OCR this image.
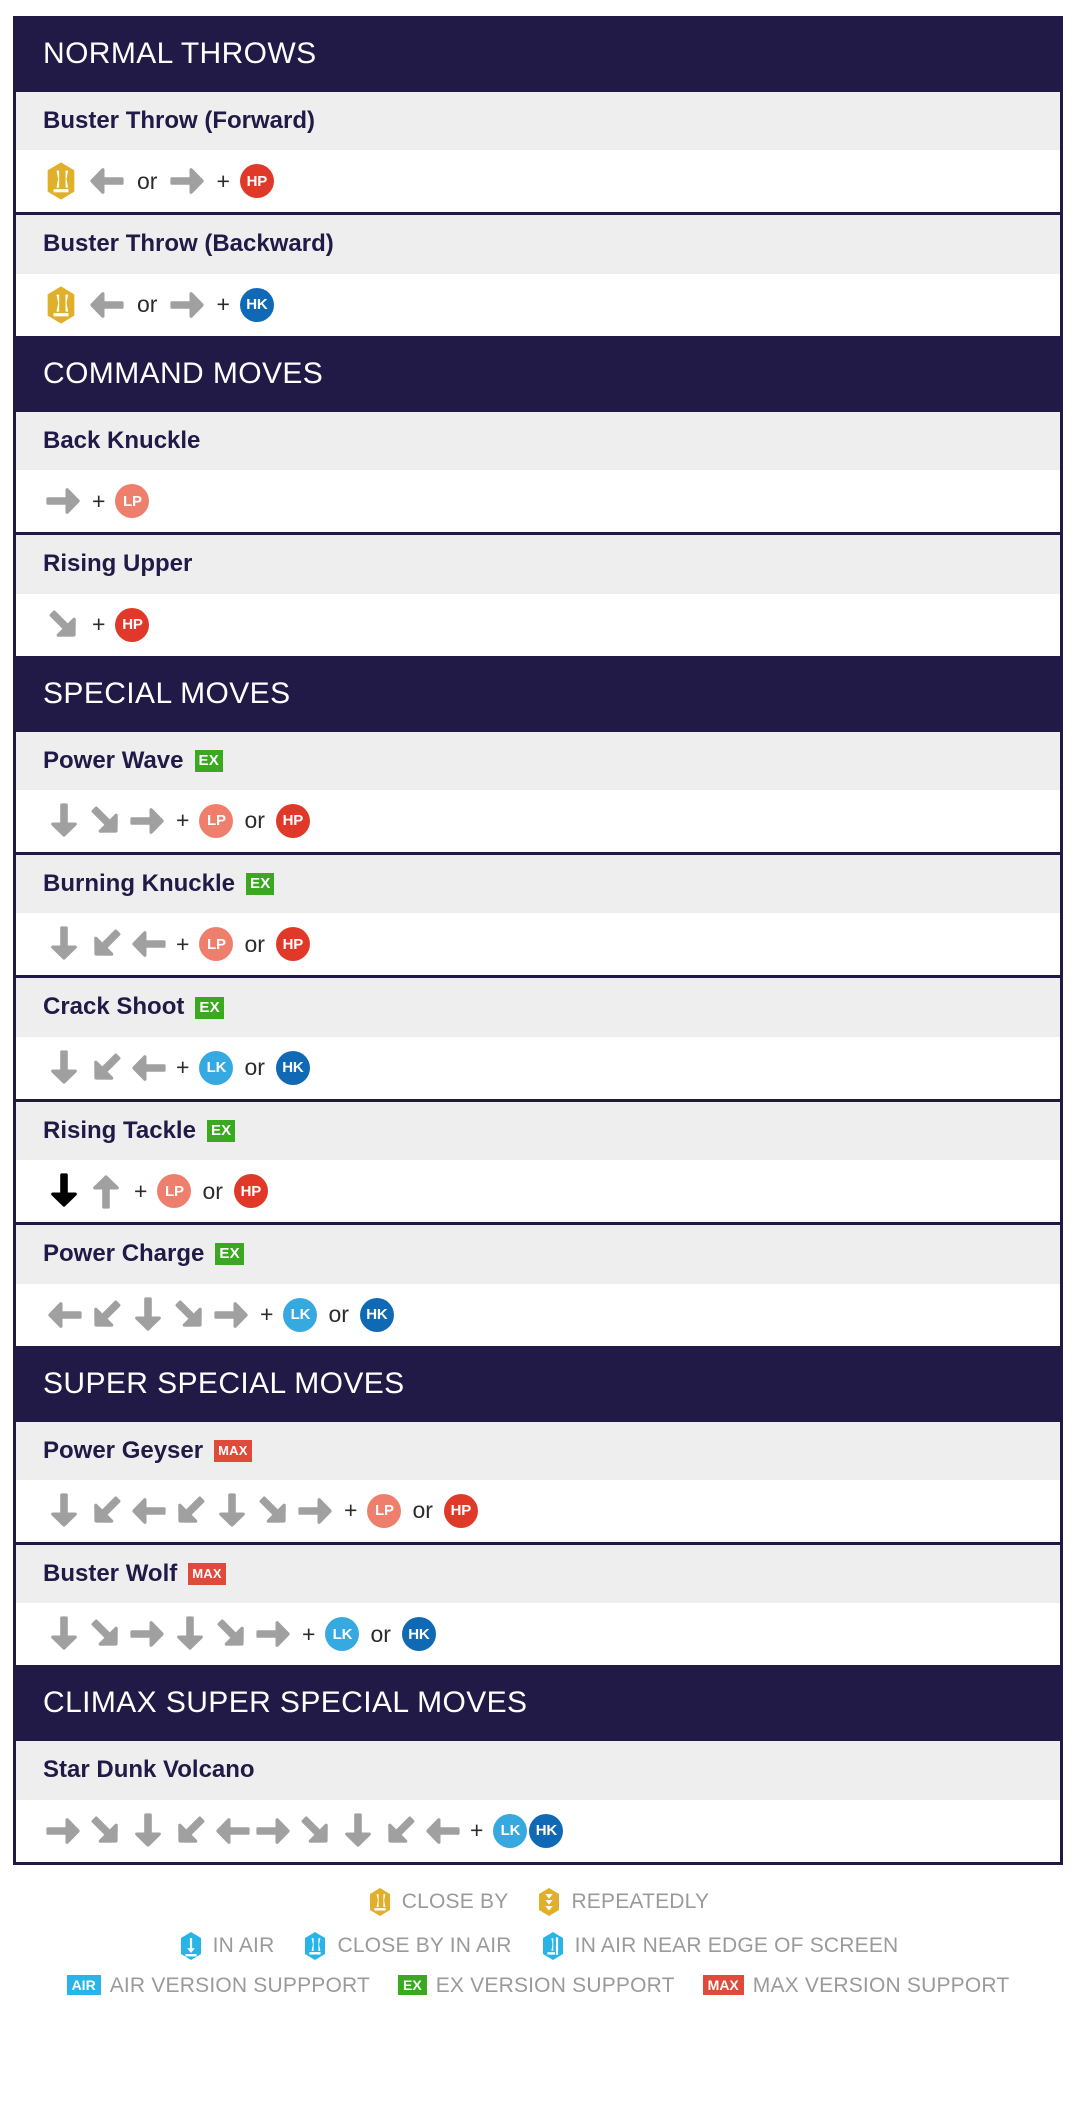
NORMAL THROWS
Buster Throw (Forward)
or	+	HP
Buster Throw (Backward)
or	+	HK
COMMAND MOVES
Back Knuckle
+	LP
Rising Upper
+	HP
SPECIAL MOVES
Power Wave EX
+	LP or	HP
Burning Knuckle EX
+	LP or	HP
Crack Shoot EX
+	LK or	HK
Rising Tackle EX
+	LP or	HP
Power Charge EX
+	LK or	HK
SUPER SPECIAL MOVES
Power Geyser	MAX
+	LP or	HP
Buster Wolf	MAX
+	LK or	HK
CLIMAX SUPER SPECIAL MOVES
Star Dunk Volcano
+	LK	HK
CLOSE BY	REPEATEDLY
IN AIR	CLOSE BY IN AIR	IN AIR NEAR EDGE OF SCREEN
AIR AIR VERSION SUPPPORT	EX EX VERSION SUPPORT	MAX MAX VERSION SUPPORT
